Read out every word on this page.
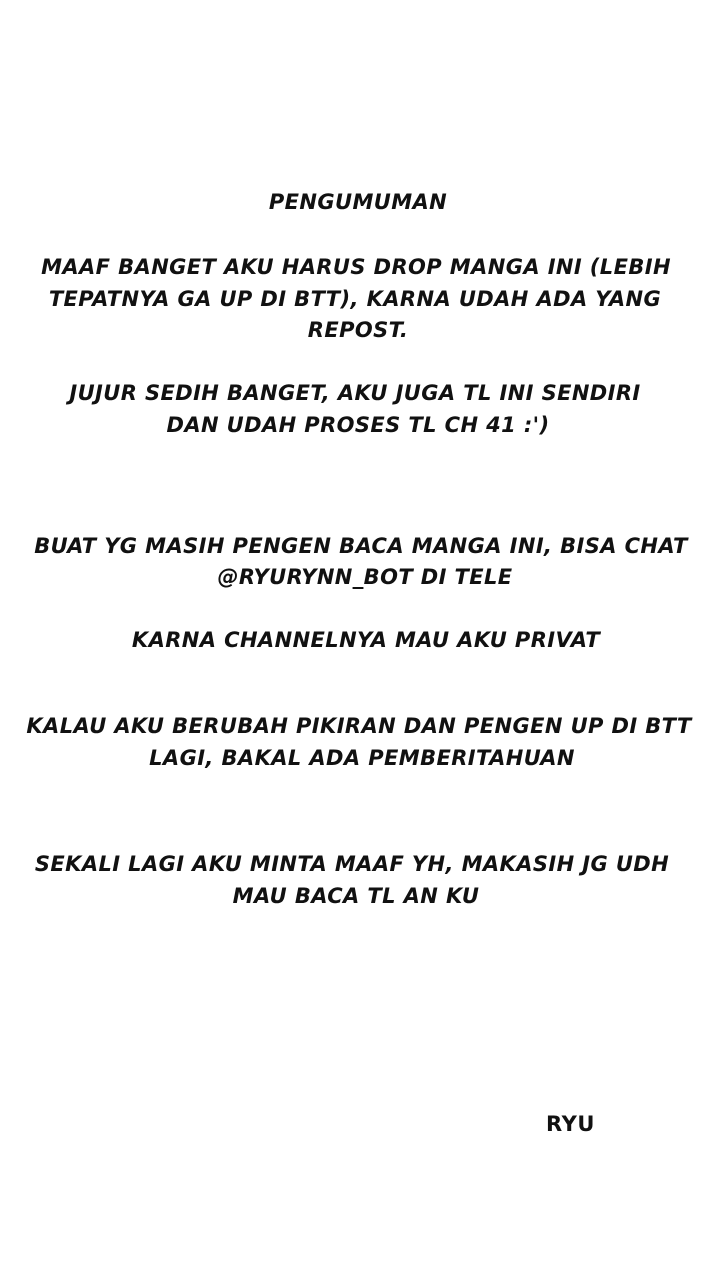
PENGUMUMAN
MAAF BANGET AKU HARUS DROP MANGA INI (LEBIH
TEPATNYA GA UP DI BTT), KARNA UDAH ADA YANG
REPOST.
JUJUR SEDIH BANGET, AKU JUGA TL INI SENDIRI
DAN UDAH PROSES TL CH 41 :')
BUAT YG MASIH PENGEN BACA MANGA INI, BISA CHAT
@RYURYNN_BOT DI TELE
KARNA CHANNELNYA MAU AKU PRIVAT
KALAU AKU BERUBAH PIKIRAN DAN PENGEN UP DI BTT
LAGI, BAKAL ADA PEMBERITAHUAN
SEKALI LAGI AKU MINTA MAAF YH, MAKASIH JG UDH
MAU BACA TL AN KU
RYU
